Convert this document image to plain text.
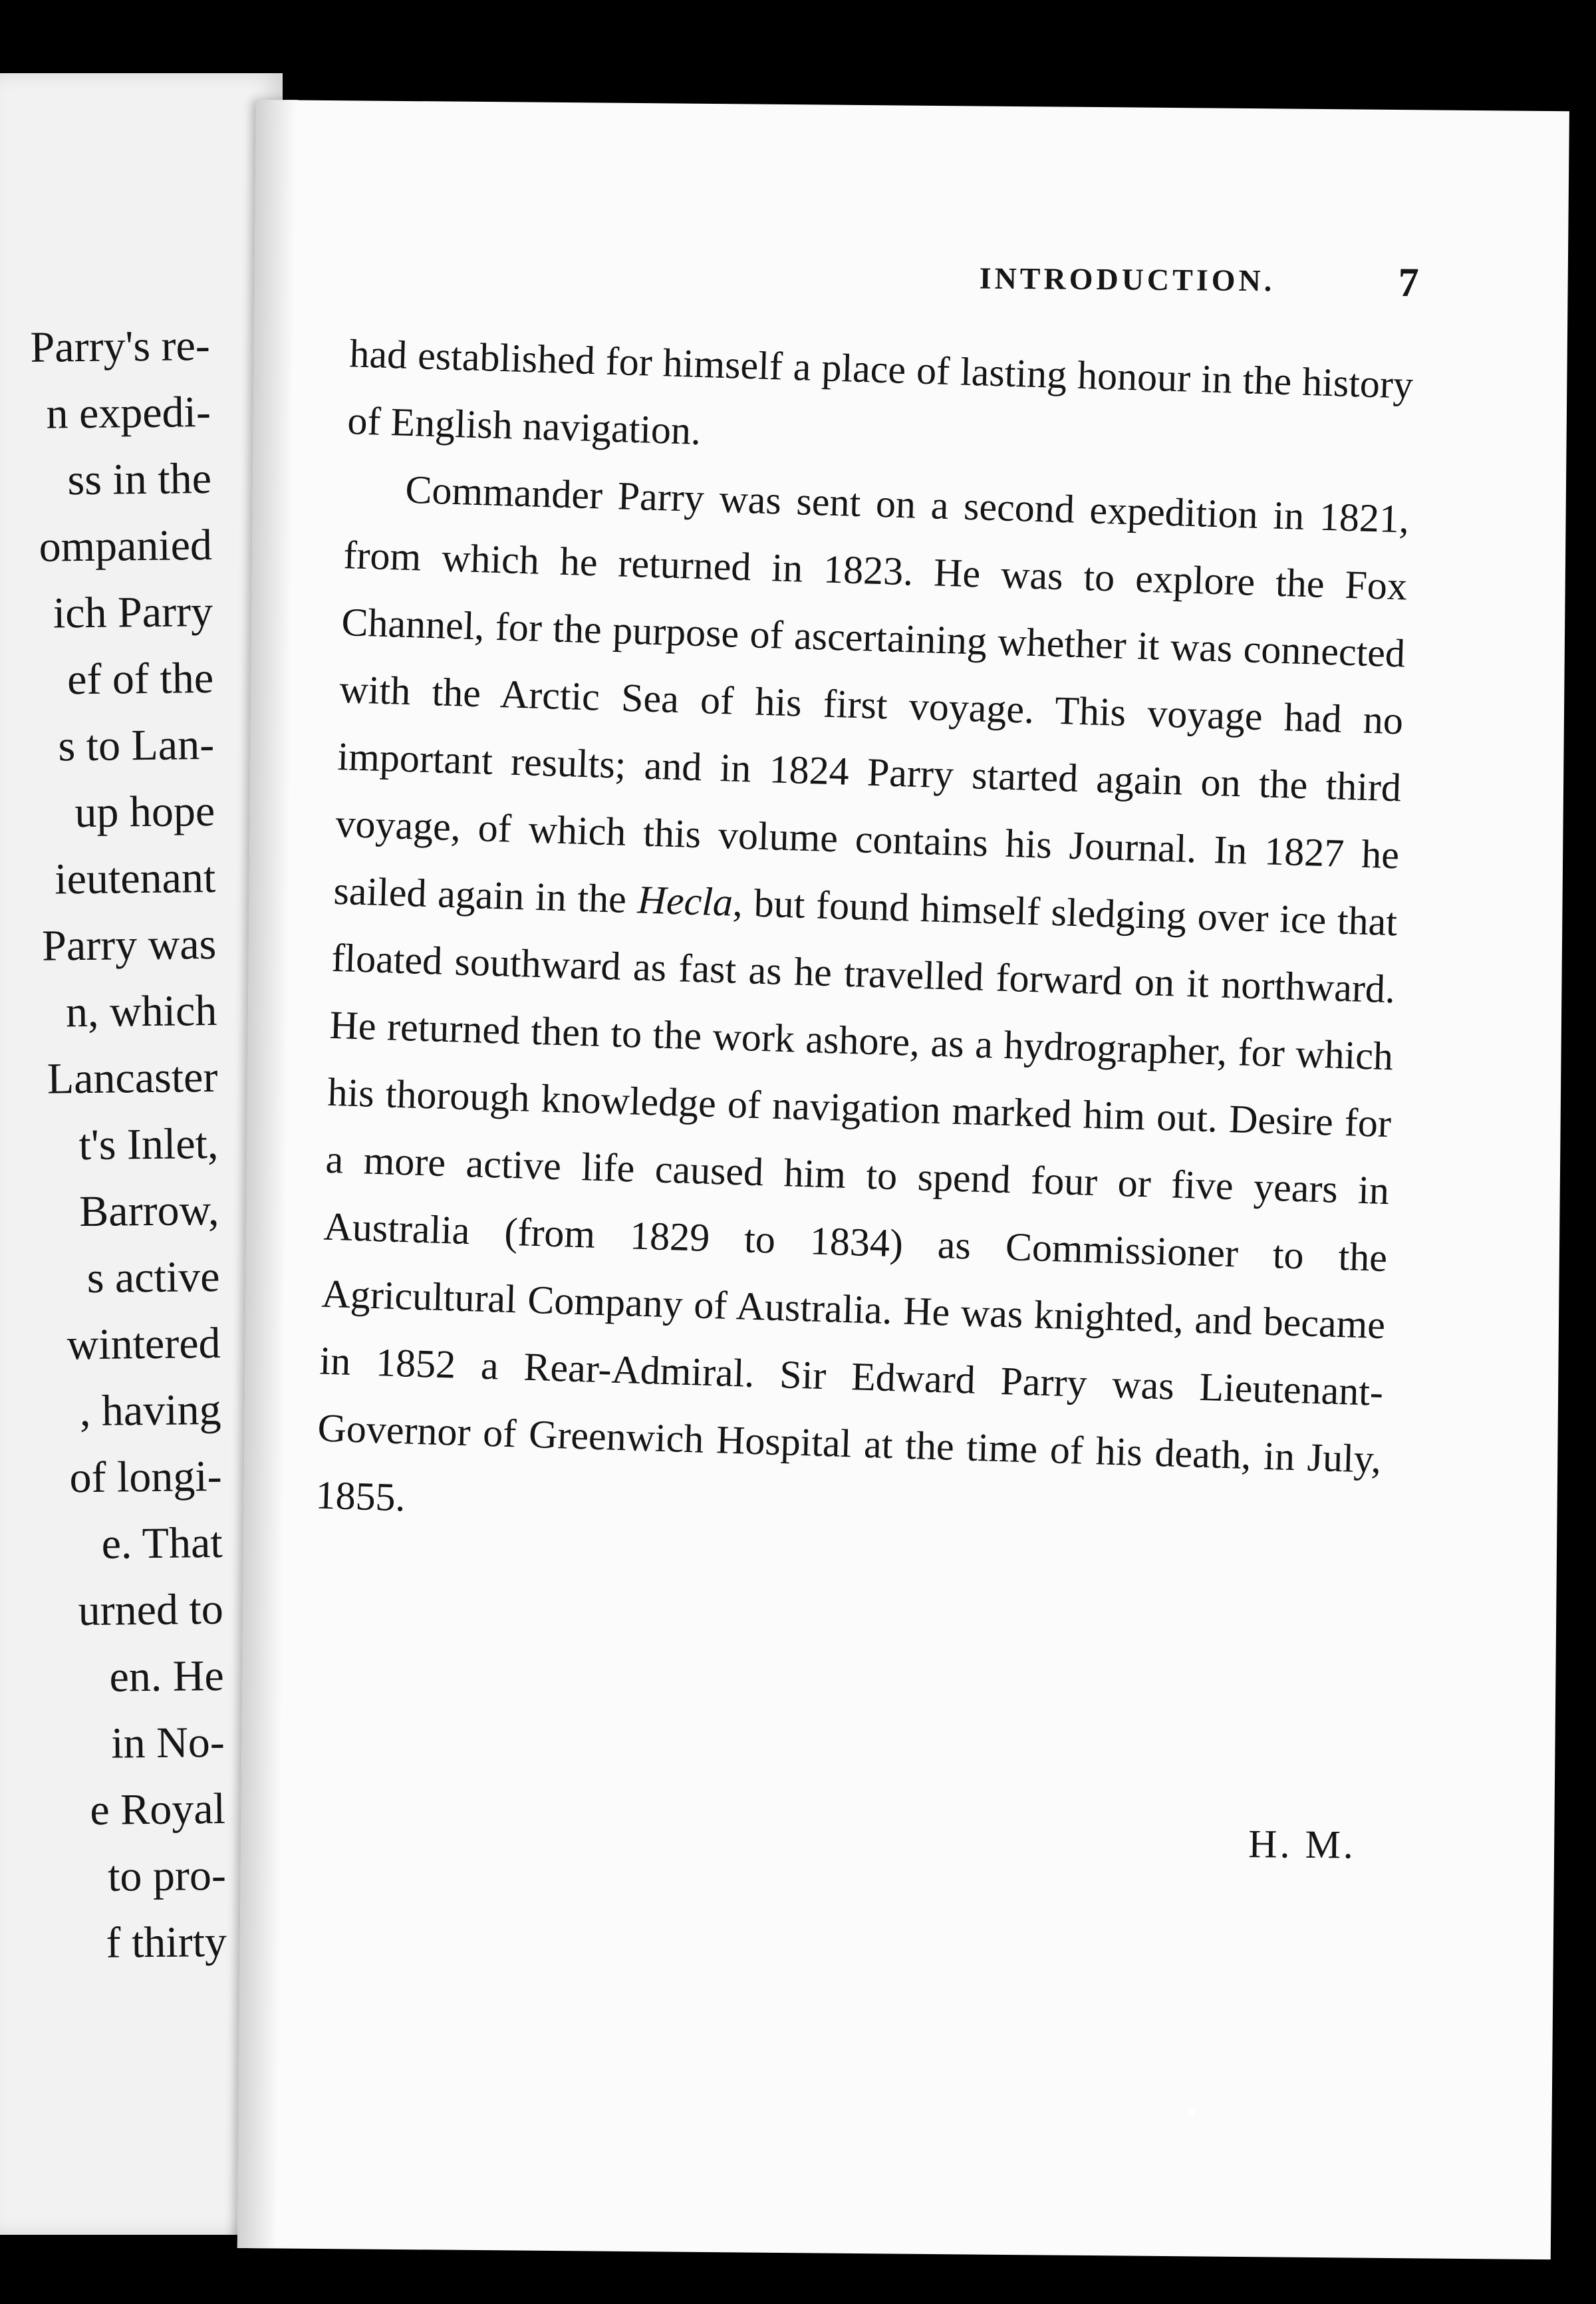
Parry's re-
n expedi-
ss in the
ompanied
ich Parry
ef of the
s to Lan-
up hope
ieutenant
Parry was
n, which
Lancaster
t's Inlet,
Barrow,
s active
wintered
, having
of longi-
e. That
urned to
en. He
in No-
e Royal
to pro-
f thirty
INTRODUCTION.	7

had established for himself a place of lasting honour in the history of English navigation.

Commander Parry was sent on a second expedition in 1821, from which he returned in 1823. He was to explore the Fox Channel, for the purpose of ascertaining whether it was connected with the Arctic Sea of his first voyage. This voyage had no important results; and in 1824 Parry started again on the third voyage, of which this volume contains his Journal. In 1827 he sailed again in the Hecla, but found himself sledging over ice that floated southward as fast as he travelled forward on it northward. He returned then to the work ashore, as a hydrographer, for which his thorough knowledge of navigation marked him out. Desire for a more active life caused him to spend four or five years in Australia (from 1829 to 1834) as Commissioner to the Agricultural Company of Australia. He was knighted, and became in 1852 a Rear-Admiral. Sir Edward Parry was Lieutenant-Governor of Greenwich Hospital at the time of his death, in July, 1855.

H. M.
